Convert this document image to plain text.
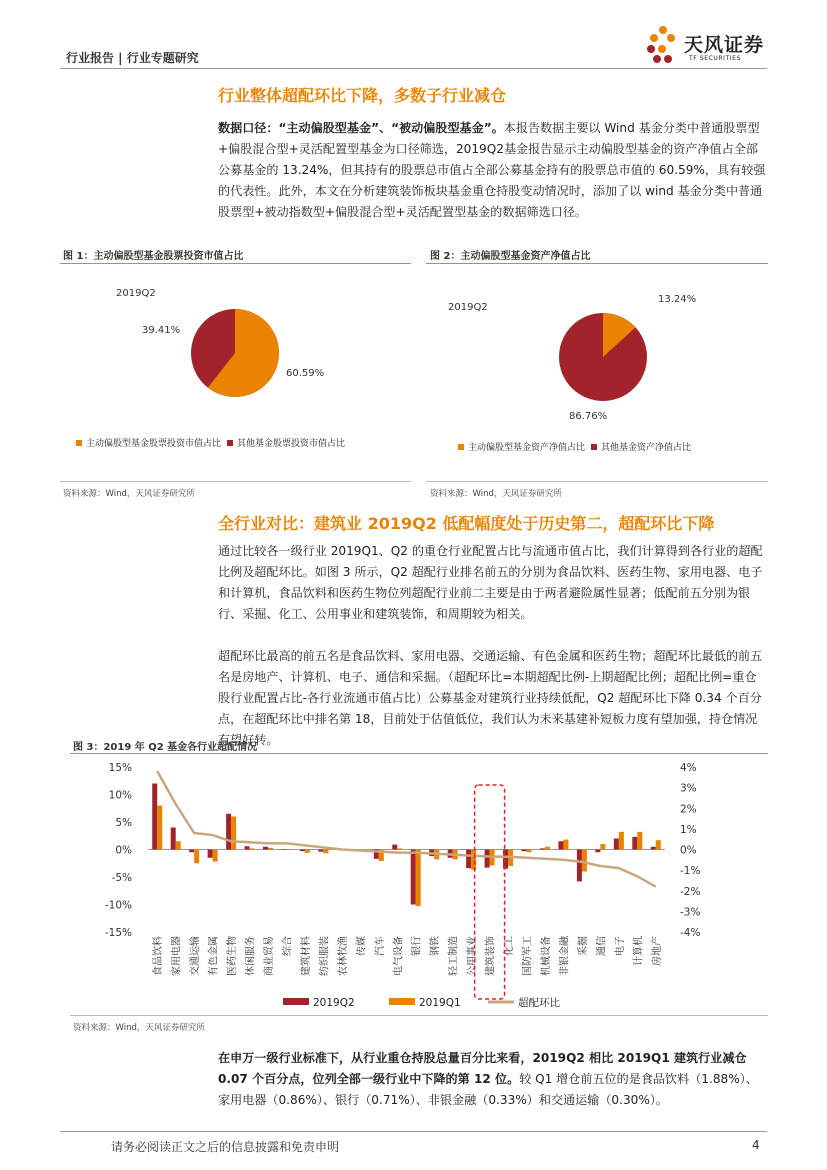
行业报告 | 行业专题研究
天风证券
TF SECURITIES
行业整体超配环比下降，多数子行业减仓
数据口径：“主动偏股型基金”、“被动偏股型基金”。本报告数据主要以 Wind 基金分类中普通股票型+偏股混合型+灵活配置型基金为口径筛选，2019Q2基金报告显示主动偏股型基金的资产净值占全部公募基金的 13.24%，但其持有的股票总市值占全部公募基金持有的股票总市值的 60.59%，具有较强的代表性。此外，本文在分析建筑装饰板块基金重仓持股变动情况时，添加了以 wind 基金分类中普通股票型+被动指数型+偏股混合型+灵活配置型基金的数据筛选口径。
图 1：主动偏股型基金股票投资市值占比
2019Q2
39.41%
60.59%
主动偏股型基金股票投资市值占比 其他基金股票投资市值占比
资料来源：Wind，天风证券研究所
图 2：主动偏股型基金资产净值占比
2019Q2
13.24%
86.76%
主动偏股型基金资产净值占比 其他基金资产净值占比
资料来源：Wind，天风证券研究所
全行业对比：建筑业 2019Q2 低配幅度处于历史第二，超配环比下降
通过比较各一级行业 2019Q1、Q2 的重仓行业配置占比与流通市值占比，我们计算得到各行业的超配比例及超配环比。如图 3 所示，Q2 超配行业排名前五的分别为食品饮料、医药生物、家用电器、电子和计算机，食品饮料和医药生物位列超配行业前二主要是由于两者避险属性显著；低配前五分别为银行、采掘、化工、公用事业和建筑装饰，和周期较为相关。
超配环比最高的前五名是食品饮料、家用电器、交通运输、有色金属和医药生物；超配环比最低的前五名是房地产、计算机、电子、通信和采掘。（超配环比=本期超配比例-上期超配比例；超配比例=重仓股行业配置占比-各行业流通市值占比）公募基金对建筑行业持续低配，Q2 超配环比下降 0.34 个百分点，在超配环比中排名第 18，目前处于估值低位，我们认为未来基建补短板力度有望加强，持仓情况有望好转。
图 3：2019 年 Q2 基金各行业超配情况
15%
10%
5%
0%
-5%
-10%
-15%
4%
3%
2%
1%
0%
-1%
-2%
-3%
-4%
食品饮料 家用电器 交通运输 有色金属 医药生物 休闲服务 商业贸易 综合 建筑材料 纺织服装 农林牧渔 传媒 汽车 电气设备 银行 钢铁 轻工制造 公用事业 建筑装饰 化工 国防军工 机械设备 非银金融 采掘 通信 电子 计算机 房地产
2019Q2	2019Q1	超配环比
资料来源：Wind，天风证券研究所
在申万一级行业标准下，从行业重仓持股总量百分比来看，2019Q2 相比 2019Q1 建筑行业减仓 0.07 个百分点，位列全部一级行业中下降的第 12 位。较 Q1 增仓前五位的是食品饮料（1.88%）、家用电器（0.86%）、银行（0.71%）、非银金融（0.33%）和交通运输（0.30%）。
请务必阅读正文之后的信息披露和免责申明	4
